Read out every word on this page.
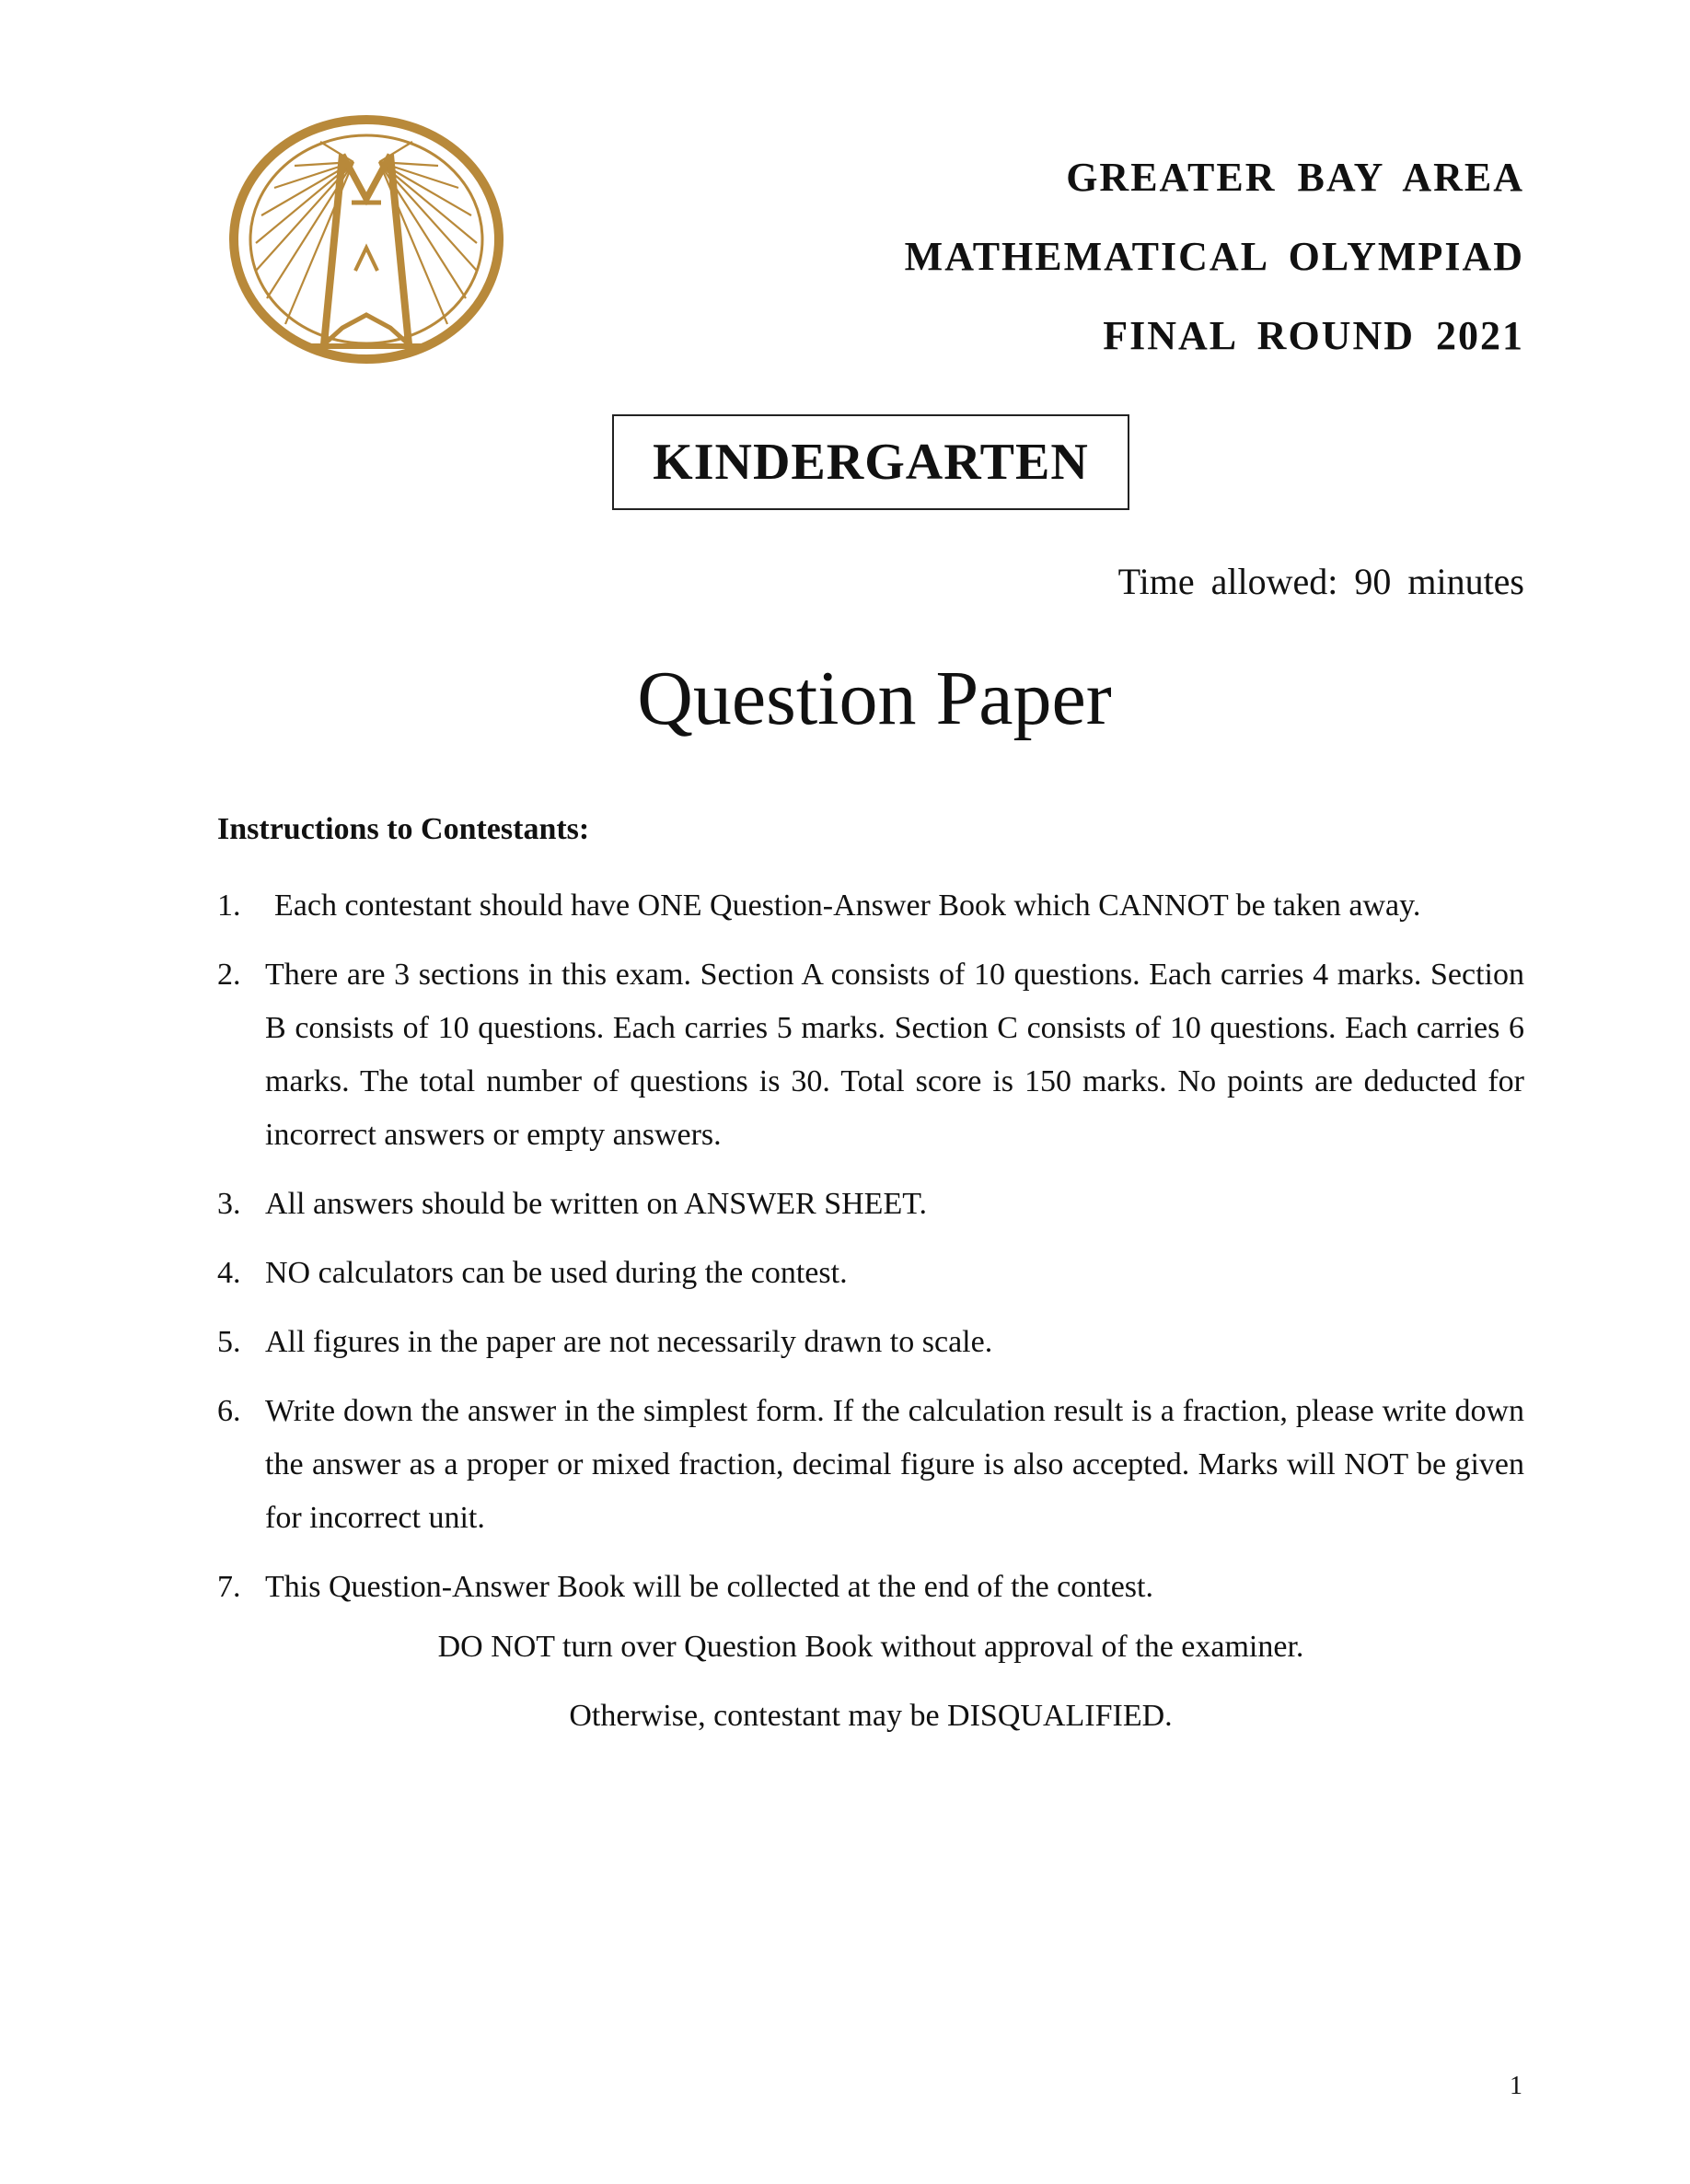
GREATER BAY AREA
MATHEMATICAL OLYMPIAD
FINAL ROUND 2021
KINDERGARTEN
Time allowed: 90 minutes
Question Paper
Instructions to Contestants:
1.	Each contestant should have ONE Question-Answer Book which CANNOT be taken away.
2. There are 3 sections in this exam. Section A consists of 10 questions. Each carries 4 marks. Section B consists of 10 questions. Each carries 5 marks. Section C consists of 10 questions. Each carries 6 marks. The total number of questions is 30. Total score is 150 marks. No points are deducted for incorrect answers or empty answers.
3. All answers should be written on ANSWER SHEET.
4. NO calculators can be used during the contest.
5. All figures in the paper are not necessarily drawn to scale.
6. Write down the answer in the simplest form. If the calculation result is a fraction, please write down the answer as a proper or mixed fraction, decimal figure is also accepted. Marks will NOT be given for incorrect unit.
7. This Question-Answer Book will be collected at the end of the contest.
DO NOT turn over Question Book without approval of the examiner.
Otherwise, contestant may be DISQUALIFIED.
1
